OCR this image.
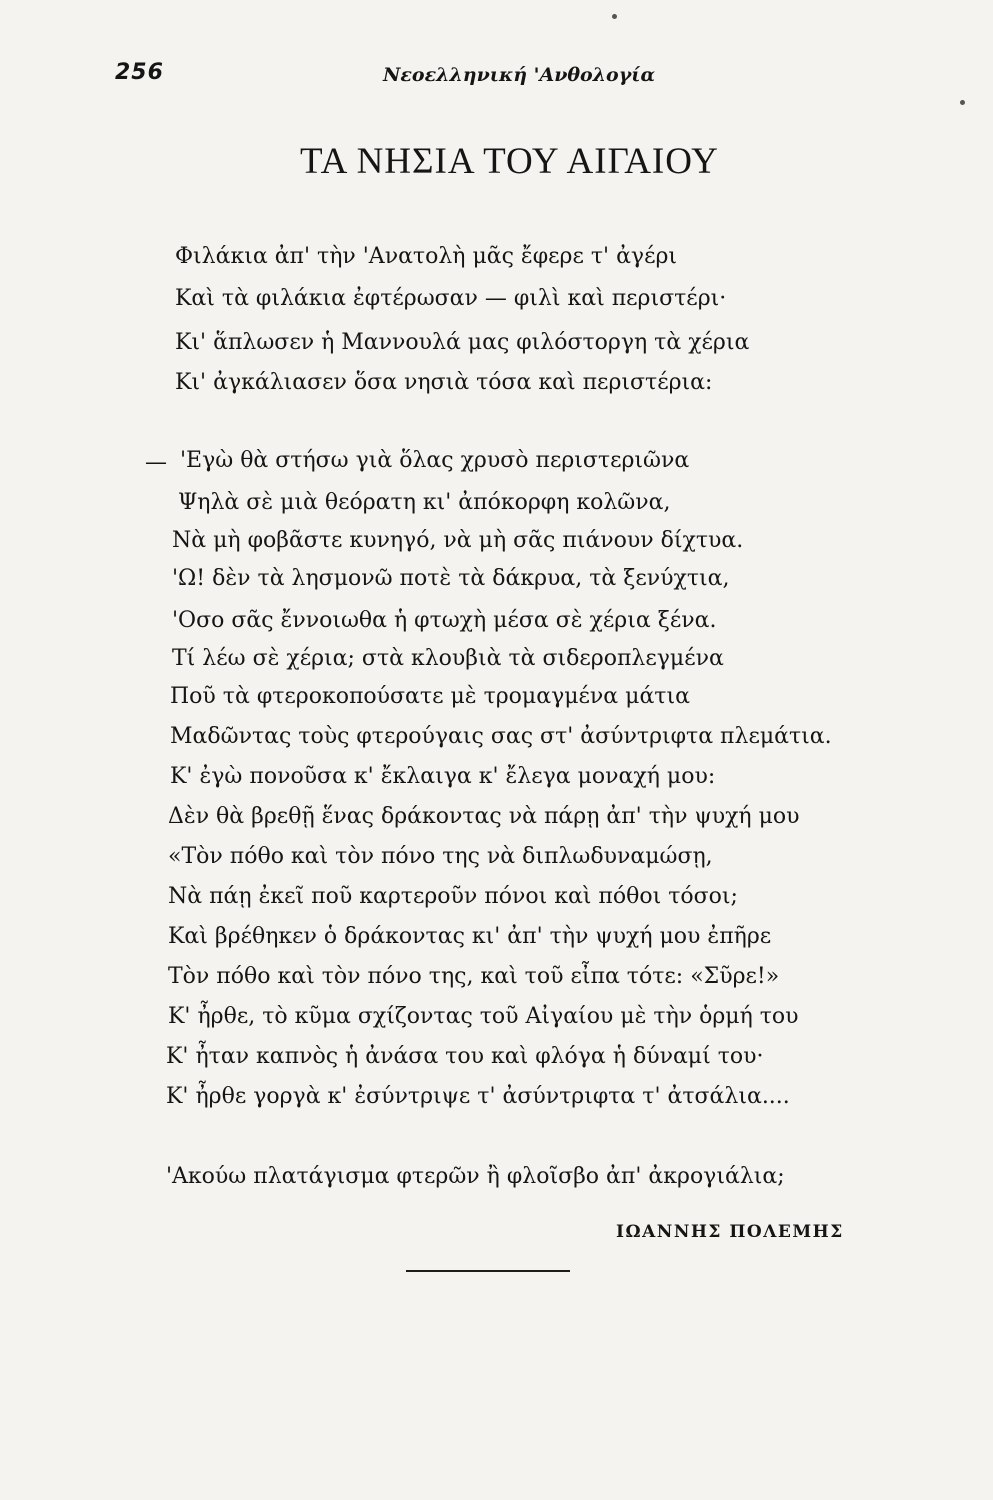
256	Νεοελληνική 'Ανθολογία
ΤΑ ΝΗΣΙΑ ΤΟΥ ΑΙΓΑΙΟΥ
Φιλάκια ἀπ' τὴν 'Ανατολὴ μᾶς ἔφερε τ' ἀγέρι
Καὶ τὰ φιλάκια ἐφτέρωσαν — φιλὶ καὶ περιστέρι·
Κι' ἅπλωσεν ἡ Μαννουλά μας φιλόστοργη τὰ χέρια
Κι' ἀγκάλιασεν ὅσα νησιὰ τόσα καὶ περιστέρια:
— 'Εγὼ θὰ στήσω γιὰ ὅλας χρυσὸ περιστεριῶνα
Ψηλὰ σὲ μιὰ θεόρατη κι' ἀπόκορφη κολῶνα,
Νὰ μὴ φοβᾶστε κυνηγό, νὰ μὴ σᾶς πιάνουν δίχτυα.
'Ω! δὲν τὰ λησμονῶ ποτὲ τὰ δάκρυα, τὰ ξενύχτια,
'Οσο σᾶς ἔννοιωθα ἡ φτωχὴ μέσα σὲ χέρια ξένα.
Τί λέω σὲ χέρια; στὰ κλουβιὰ τὰ σιδεροπλεγμένα
Ποῦ τὰ φτεροκοπούσατε μὲ τρομαγμένα μάτια
Μαδῶντας τοὺς φτερούγαις σας στ' ἀσύντριφτα πλεμάτια.
Κ' ἐγὼ πονοῦσα κ' ἔκλαιγα κ' ἔλεγα μοναχή μου:
Δὲν θὰ βρεθῇ ἕνας δράκοντας νὰ πάρῃ ἀπ' τὴν ψυχή μου
«Τὸν πόθο καὶ τὸν πόνο της νὰ διπλωδυναμώσῃ,
Νὰ πάῃ ἐκεῖ ποῦ καρτεροῦν πόνοι καὶ πόθοι τόσοι;
Καὶ βρέθηκεν ὁ δράκοντας κι' ἀπ' τὴν ψυχή μου ἐπῆρε
Τὸν πόθο καὶ τὸν πόνο της, καὶ τοῦ εἶπα τότε: «Σῦρε!»
Κ' ἦρθε, τὸ κῦμα σχίζοντας τοῦ Αἰγαίου μὲ τὴν ὁρμή του
Κ' ἦταν καπνὸς ἡ ἀνάσα του καὶ φλόγα ἡ δύναμί του·
Κ' ἦρθε γοργὰ κ' ἐσύντριψε τ' ἀσύντριφτα τ' ἀτσάλια....
'Ακούω πλατάγισμα φτερῶν ἢ φλοῖσβο ἀπ' ἀκρογιάλια;
ΙΩΑΝΝΗΣ ΠΟΛΕΜΗΣ
